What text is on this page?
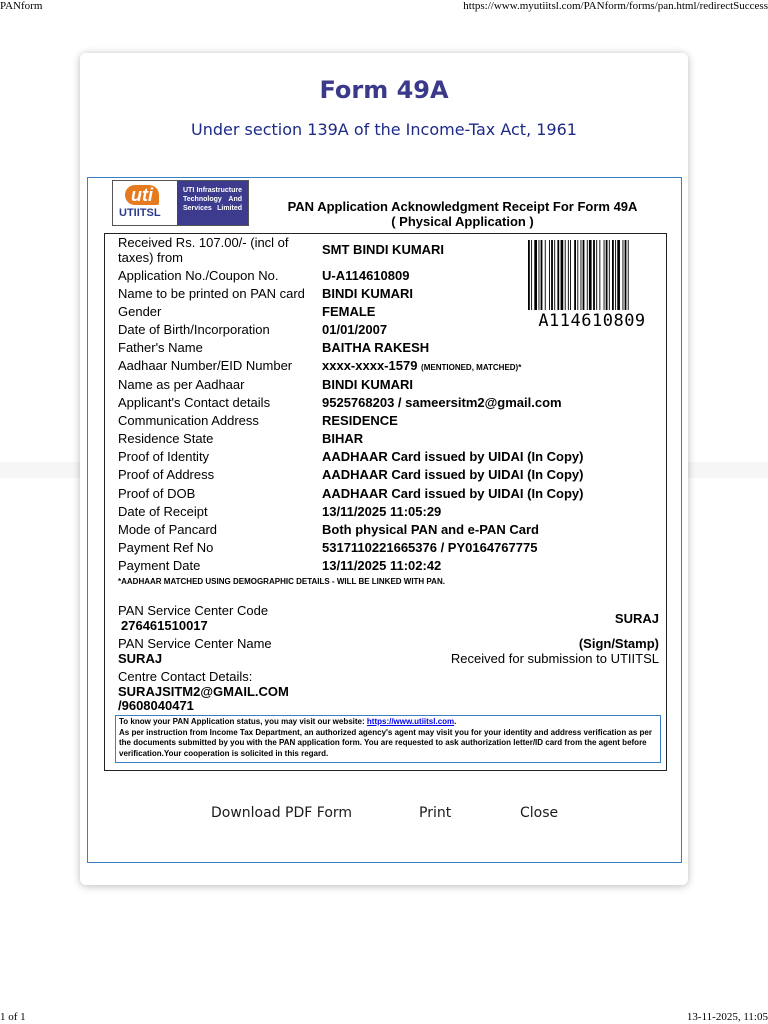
PANform	https://www.myutiitsl.com/PANform/forms/pan.html/redirectSuccess
1 of 1	13-11-2025, 11:05
Form 49A
Under section 139A of the Income-Tax Act, 1961
uti
UTIITSL
UTI Infrastructure
Technology And
Services Limited	PAN Application Acknowledgment Receipt For Form 49A
( Physical Application )
Received Rs. 107.00/- (incl of taxes) from
SMT BINDI KUMARI
Application No./Coupon No.	U-A114610809
Name to be printed on PAN card	BINDI KUMARI
Gender	FEMALE
Date of Birth/Incorporation	01/01/2007
Father's Name	BAITHA RAKESH
Aadhaar Number/EID Number	xxxx-xxxx-1579 (MENTIONED, MATCHED)*
Name as per Aadhaar	BINDI KUMARI
Applicant's Contact details	9525768203 / sameersitm2@gmail.com
Communication Address	RESIDENCE
Residence State	BIHAR
Proof of Identity	AADHAAR Card issued by UIDAI (In Copy)
Proof of Address	AADHAAR Card issued by UIDAI (In Copy)
Proof of DOB	AADHAAR Card issued by UIDAI (In Copy)
Date of Receipt	13/11/2025 11:05:29
Mode of Pancard	Both physical PAN and e-PAN Card
Payment Ref No	5317110221665376 / PY0164767775
Payment Date	13/11/2025 11:02:42
A114610809
*AADHAAR MATCHED USING DEMOGRAPHIC DETAILS - WILL BE LINKED WITH PAN.
PAN Service Center Code
276461510017
PAN Service Center Name
SURAJ
Centre Contact Details:
SURAJSITM2@GMAIL.COM
/9608040471
SURAJ
(Sign/Stamp)
Received for submission to UTIITSL
To know your PAN Application status, you may visit our website: https://www.utiitsl.com.
As per instruction from Income Tax Department, an authorized agency's agent may visit you for your identity and address verification as per the documents submitted by you with the PAN application form. You are requested to ask authorization letter/ID card from the agent before verification.Your cooperation is solicited in this regard.
Download PDF Form	Print	Close
